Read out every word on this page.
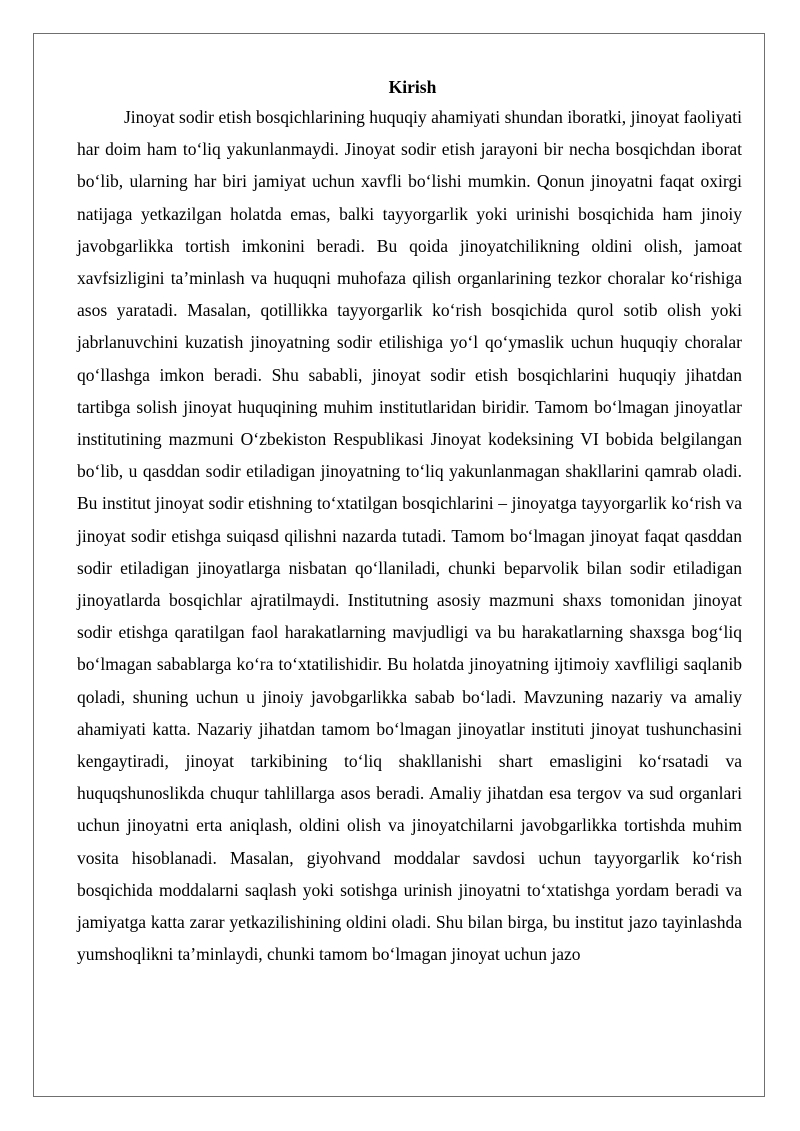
Kirish

Jinoyat sodir etish bosqichlarining huquqiy ahamiyati shundan iboratki, jinoyat faoliyati har doim ham to‘liq yakunlanmaydi. Jinoyat sodir etish jarayoni bir necha bosqichdan iborat bo‘lib, ularning har biri jamiyat uchun xavfli bo‘lishi mumkin. Qonun jinoyatni faqat oxirgi natijaga yetkazilgan holatda emas, balki tayyorgarlik yoki urinishi bosqichida ham jinoiy javobgarlikka tortish imkonini beradi. Bu qoida jinoyatchilikning oldini olish, jamoat xavfsizligini ta’minlash va huquqni muhofaza qilish organlarining tezkor choralar ko‘rishiga asos yaratadi. Masalan, qotillikka tayyorgarlik ko‘rish bosqichida qurol sotib olish yoki jabrlanuvchini kuzatish jinoyatning sodir etilishiga yo‘l qo‘ymaslik uchun huquqiy choralar qo‘llashga imkon beradi. Shu sababli, jinoyat sodir etish bosqichlarini huquqiy jihatdan tartibga solish jinoyat huquqining muhim institutlaridan biridir. Tamom bo‘lmagan jinoyatlar institutining mazmuni O‘zbekiston Respublikasi Jinoyat kodeksining VI bobida belgilangan bo‘lib, u qasddan sodir etiladigan jinoyatning to‘liq yakunlanmagan shakllarini qamrab oladi. Bu institut jinoyat sodir etishning to‘xtatilgan bosqichlarini – jinoyatga tayyorgarlik ko‘rish va jinoyat sodir etishga suiqasd qilishni nazarda tutadi. Tamom bo‘lmagan jinoyat faqat qasddan sodir etiladigan jinoyatlarga nisbatan qo‘llaniladi, chunki beparvolik bilan sodir etiladigan jinoyatlarda bosqichlar ajratilmaydi. Institutning asosiy mazmuni shaxs tomonidan jinoyat sodir etishga qaratilgan faol harakatlarning mavjudligi va bu harakatlarning shaxsga bog‘liq bo‘lmagan sabablarga ko‘ra to‘xtatilishidir. Bu holatda jinoyatning ijtimoiy xavfliligi saqlanib qoladi, shuning uchun u jinoiy javobgarlikka sabab bo‘ladi. Mavzuning nazariy va amaliy ahamiyati katta. Nazariy jihatdan tamom bo‘lmagan jinoyatlar instituti jinoyat tushunchasini kengaytiradi, jinoyat tarkibining to‘liq shakllanishi shart emasligini ko‘rsatadi va huquqshunoslikda chuqur tahlillarga asos beradi. Amaliy jihatdan esa tergov va sud organlari uchun jinoyatni erta aniqlash, oldini olish va jinoyatchilarni javobgarlikka tortishda muhim vosita hisoblanadi. Masalan, giyohvand moddalar savdosi uchun tayyorgarlik ko‘rish bosqichida moddalarni saqlash yoki sotishga urinish jinoyatni to‘xtatishga yordam beradi va jamiyatga katta zarar yetkazilishining oldini oladi. Shu bilan birga, bu institut jazo tayinlashda yumshoqlikni ta’minlaydi, chunki tamom bo‘lmagan jinoyat uchun jazo
